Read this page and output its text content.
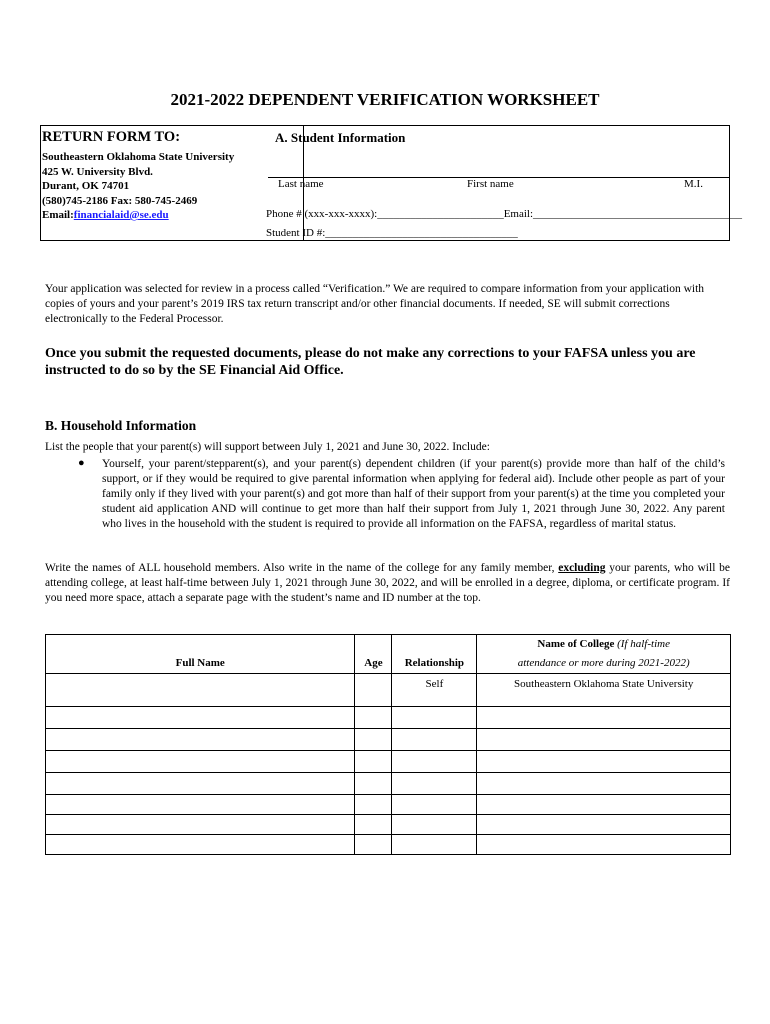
2021-2022 DEPENDENT VERIFICATION WORKSHEET
RETURN FORM TO:
Southeastern Oklahoma State University
425 W. University Blvd.
Durant, OK 74701
(580)745-2186 Fax: 580-745-2469
Email:financialaid@se.edu
A. Student Information
Last name	First name	M.I.
Phone # (xxx-xxx-xxxx):_______________________Email:______________________________________
Student ID #:___________________________________
Your application was selected for review in a process called “Verification.” We are required to compare information from your application with copies of yours and your parent’s 2019 IRS tax return transcript and/or other financial documents. If needed, SE will submit corrections electronically to the Federal Processor.
Once you submit the requested documents, please do not make any corrections to your FAFSA unless you are instructed to do so by the SE Financial Aid Office.
B. Household Information
List the people that your parent(s) will support between July 1, 2021 and June 30, 2022. Include:
● Yourself, your parent/stepparent(s), and your parent(s) dependent children (if your parent(s) provide more than half of the child’s support, or if they would be required to give parental information when applying for federal aid). Include other people as part of your family only if they lived with your parent(s) and got more than half of their support from your parent(s) at the time you completed your student aid application AND will continue to get more than half their support from July 1, 2021 through June 30, 2022. Any parent who lives in the household with the student is required to provide all information on the FAFSA, regardless of marital status.
Write the names of ALL household members. Also write in the name of the college for any family member, excluding your parents, who will be attending college, at least half-time between July 1, 2021 through June 30, 2022, and will be enrolled in a degree, diploma, or certificate program. If you need more space, attach a separate page with the student’s name and ID number at the top.
Full Name	Age	Relationship	Name of College (If half-time
			attendance or more during 2021-2022)
		Self	Southeastern Oklahoma State University
